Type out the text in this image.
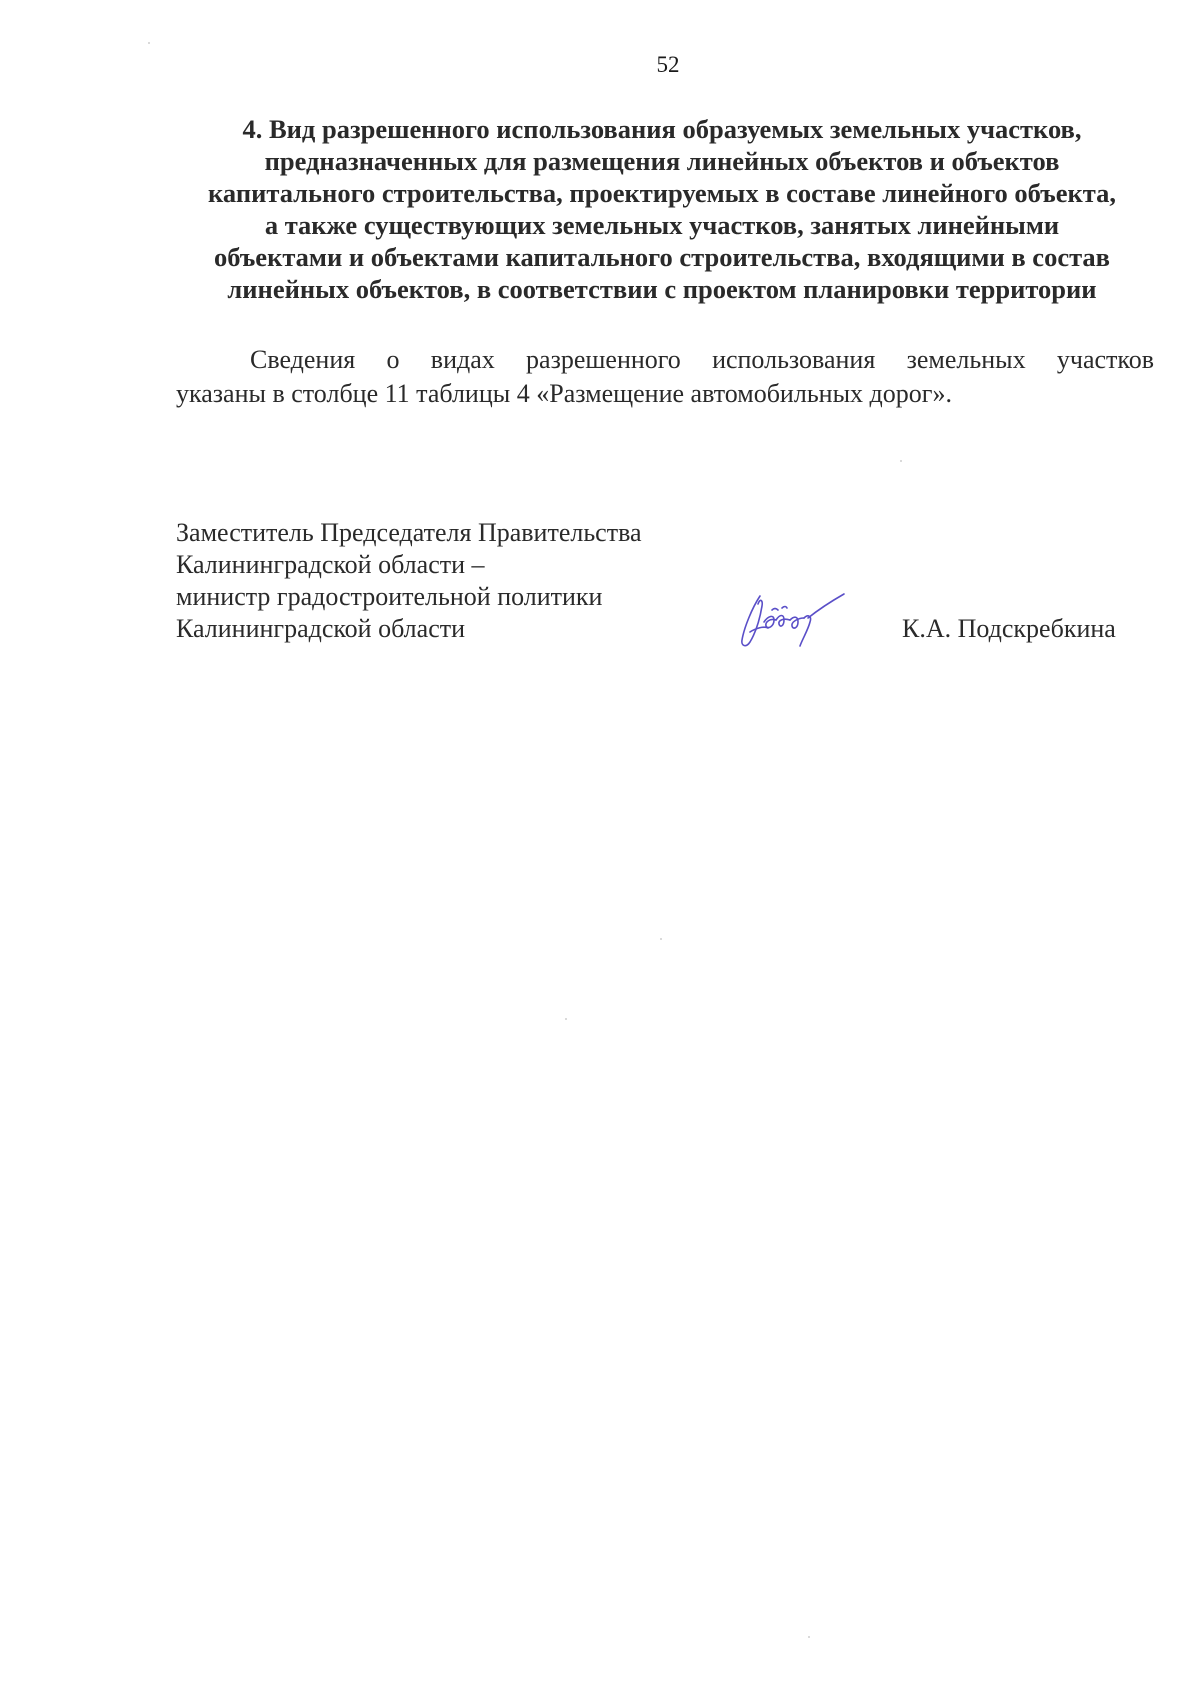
52
4. Вид разрешенного использования образуемых земельных участков,
предназначенных для размещения линейных объектов и объектов
капитального строительства, проектируемых в составе линейного объекта,
а также существующих земельных участков, занятых линейными
объектами и объектами капитального строительства, входящими в состав
линейных объектов, в соответствии с проектом планировки территории
Сведения о видах разрешенного использования земельных участков
указаны в столбце 11 таблицы 4 «Размещение автомобильных дорог».
Заместитель Председателя Правительства
Калининградской области –
министр градостроительной политики
Калининградской области	К.А. Подскребкина
